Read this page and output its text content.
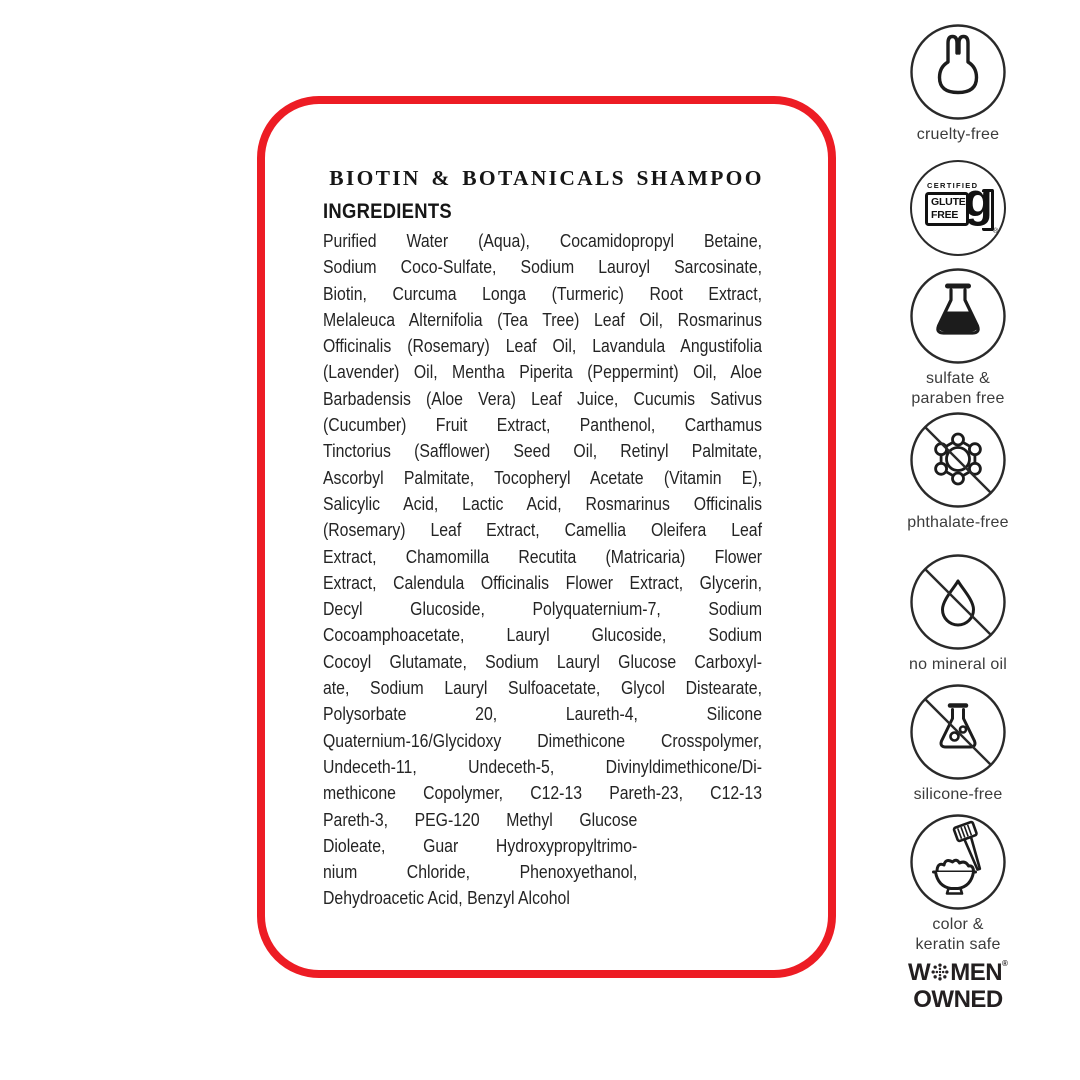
BIOTIN & BOTANICALS SHAMPOO
INGREDIENTS
Purified Water (Aqua), Cocamidopropyl Betaine,
Sodium Coco-Sulfate, Sodium Lauroyl Sarcosinate,
Biotin, Curcuma Longa (Turmeric) Root Extract,
Melaleuca Alternifolia (Tea Tree) Leaf Oil, Rosmarinus
Officinalis (Rosemary) Leaf Oil, Lavandula Angustifolia
(Lavender) Oil, Mentha Piperita (Peppermint) Oil, Aloe
Barbadensis (Aloe Vera) Leaf Juice, Cucumis Sativus
(Cucumber) Fruit Extract, Panthenol, Carthamus
Tinctorius (Safflower) Seed Oil, Retinyl Palmitate,
Ascorbyl Palmitate, Tocopheryl Acetate (Vitamin E),
Salicylic Acid, Lactic Acid, Rosmarinus Officinalis
(Rosemary) Leaf Extract, Camellia Oleifera Leaf
Extract, Chamomilla Recutita (Matricaria) Flower
Extract, Calendula Officinalis Flower Extract, Glycerin,
Decyl Glucoside, Polyquaternium-7, Sodium
Cocoamphoacetate, Lauryl Glucoside, Sodium
Cocoyl Glutamate, Sodium Lauryl Glucose Carboxyl-
ate, Sodium Lauryl Sulfoacetate, Glycol Distearate,
Polysorbate 20, Laureth-4, Silicone
Quaternium-16/Glycidoxy Dimethicone Crosspolymer,
Undeceth-11, Undeceth-5, Divinyldimethicone/Di-
methicone Copolymer, C12-13 Pareth-23, C12-13
Pareth-3, PEG-120 Methyl Glucose
Dioleate, Guar Hydroxypropyltrimo-
nium Chloride, Phenoxyethanol,
Dehydroacetic Acid, Benzyl Alcohol
cruelty-free
CERTIFIED
GLUTEN
FREE g
®
sulfate &
paraben free
phthalate-free
no mineral oil
silicone-free
color &
keratin safe
W MEN®
OWNED
